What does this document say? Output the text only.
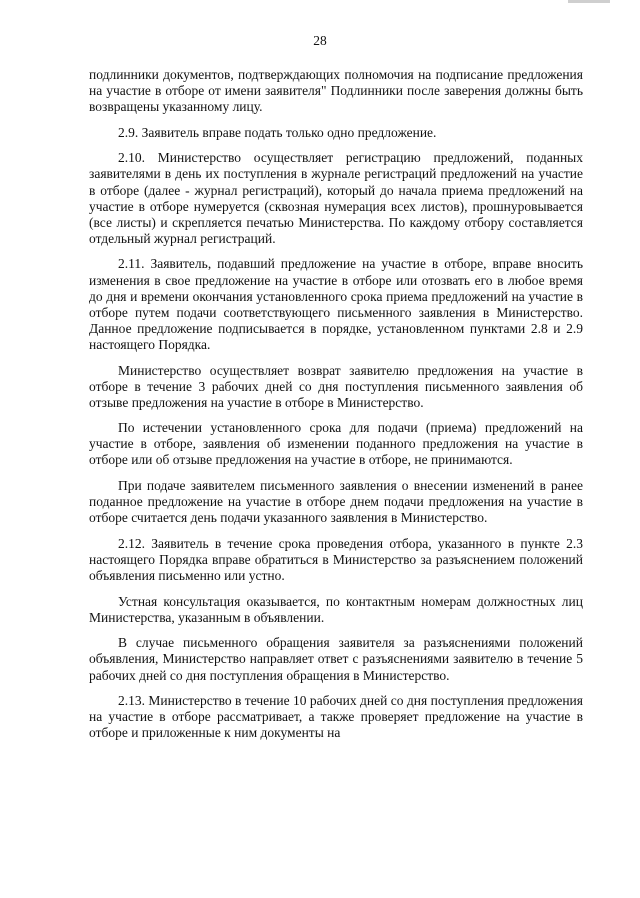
28

подлинники документов, подтверждающих полномочия на подписание предложения на участие в отборе от имени заявителя" Подлинники после заверения должны быть возвращены указанному лицу.

2.9. Заявитель вправе подать только одно предложение.

2.10. Министерство осуществляет регистрацию предложений, поданных заявителями в день их поступления в журнале регистраций предложений на участие в отборе (далее - журнал регистраций), который до начала приема предложений на участие в отборе нумеруется (сквозная нумерация всех листов), прошнуровывается (все листы) и скрепляется печатью Министерства. По каждому отбору составляется отдельный журнал регистраций.

2.11. Заявитель, подавший предложение на участие в отборе, вправе вносить изменения в свое предложение на участие в отборе или отозвать его в любое время до дня и времени окончания установленного срока приема предложений на участие в отборе путем подачи соответствующего письменного заявления в Министерство. Данное предложение подписывается в порядке, установленном пунктами 2.8 и 2.9 настоящего Порядка.

Министерство осуществляет возврат заявителю предложения на участие в отборе в течение 3 рабочих дней со дня поступления письменного заявления об отзыве предложения на участие в отборе в Министерство.

По истечении установленного срока для подачи (приема) предложений на участие в отборе, заявления об изменении поданного предложения на участие в отборе или об отзыве предложения на участие в отборе, не принимаются.

При подаче заявителем письменного заявления о внесении изменений в ранее поданное предложение на участие в отборе днем подачи предложения на участие в отборе считается день подачи указанного заявления в Министерство.

2.12. Заявитель в течение срока проведения отбора, указанного в пункте 2.3 настоящего Порядка вправе обратиться в Министерство за разъяснением положений объявления письменно или устно.

Устная консультация оказывается, по контактным номерам должностных лиц Министерства, указанным в объявлении.

В случае письменного обращения заявителя за разъяснениями положений объявления, Министерство направляет ответ с разъяснениями заявителю в течение 5 рабочих дней со дня поступления обращения в Министерство.

2.13. Министерство в течение 10 рабочих дней со дня поступления предложения на участие в отборе рассматривает, а также проверяет предложение на участие в отборе и приложенные к ним документы на
